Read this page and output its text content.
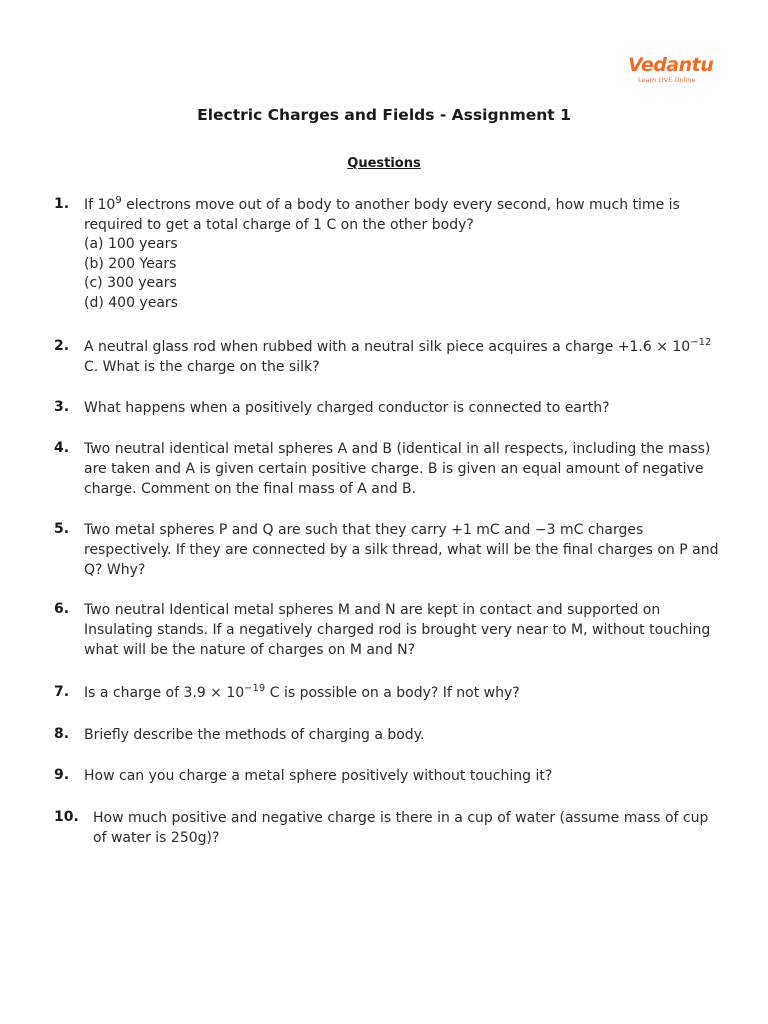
Vedantu
Learn LIVE Online
Electric Charges and Fields - Assignment 1
Questions
1. If $10^9$ electrons move out of a body to another body every second, how much time is required to get a total charge of 1 C on the other body?
(a) 100 years
(b) 200 Years
(c) 300 years
(d) 400 years
2. A neutral glass rod when rubbed with a neutral silk piece acquires a charge $+1.6 \times 10^{-12}$ C. What is the charge on the silk?
3. What happens when a positively charged conductor is connected to earth?
4. Two neutral identical metal spheres A and B (identical in all respects, including the mass) are taken and A is given certain positive charge. B is given an equal amount of negative charge. Comment on the final mass of A and B.
5. Two metal spheres P and Q are such that they carry +1 mC and −3 mC charges respectively. If they are connected by a silk thread, what will be the final charges on P and Q? Why?
6. Two neutral Identical metal spheres M and N are kept in contact and supported on Insulating stands. If a negatively charged rod is brought very near to M, without touching what will be the nature of charges on M and N?
7. Is a charge of $3.9 \times 10^{-19}$ C is possible on a body? If not why?
8. Briefly describe the methods of charging a body.
9. How can you charge a metal sphere positively without touching it?
10. How much positive and negative charge is there in a cup of water (assume mass of cup of water is 250g)?
